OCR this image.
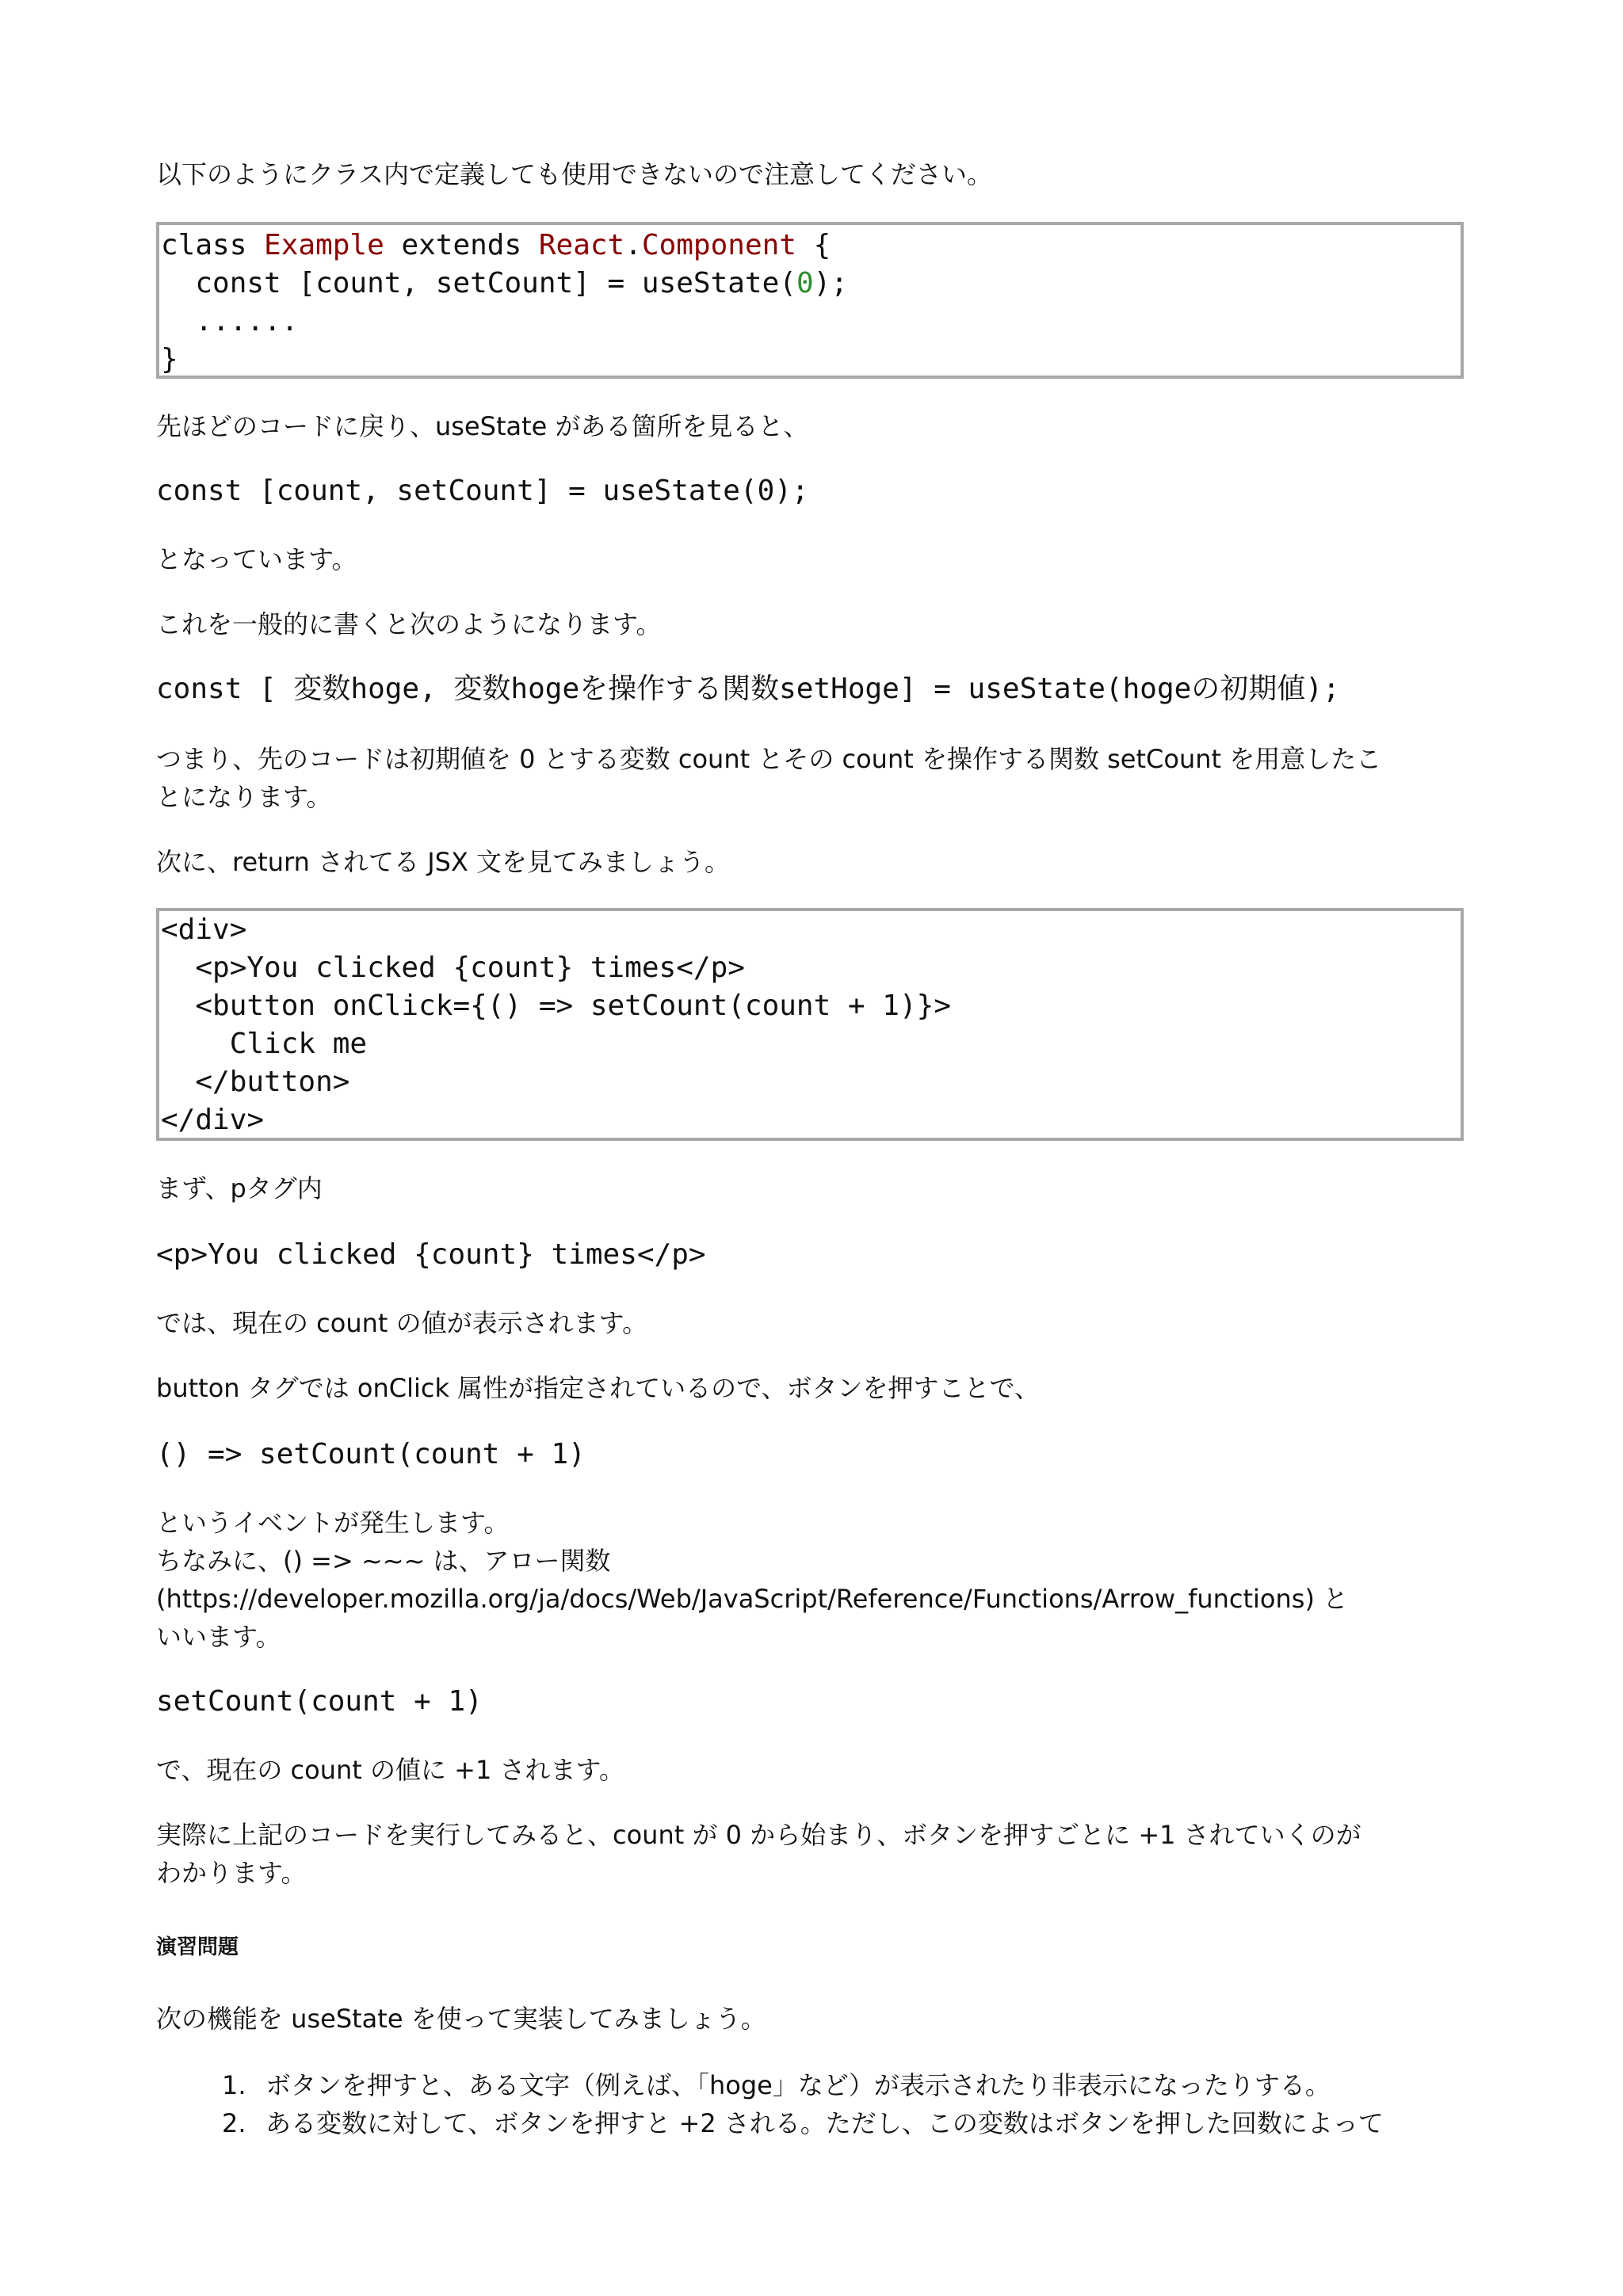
以下のようにクラス内で定義しても使用できないので注意してください。
class Example extends React.Component {
const [count, setCount] = useState(0);
......
}
先ほどのコードに戻り、useState がある箇所を見ると、
const [count, setCount] = useState(0);
となっています。
これを一般的に書くと次のようになります。
const [ 変数hoge, 変数hogeを操作する関数setHoge] = useState(hogeの初期値);
つまり、先のコードは初期値を 0 とする変数 count とその count を操作する関数 setCount を用意したこ
とになります。
次に、return されてる JSX 文を見てみましょう。
<div>
<p>You clicked {count} times</p>
<button onClick={() => setCount(count + 1)}>
Click me
</button>
</div>
まず、pタグ内
<p>You clicked {count} times</p>
では、現在の count の値が表示されます。
button タグでは onClick 属性が指定されているので、ボタンを押すことで、
() => setCount(count + 1)
というイベントが発生します。
ちなみに、() => ~~~ は、アロー関数
(https://developer.mozilla.org/ja/docs/Web/JavaScript/Reference/Functions/Arrow_functions) と
いいます。
setCount(count + 1)
で、現在の count の値に +1 されます。
実際に上記のコードを実行してみると、count が 0 から始まり、ボタンを押すごとに +1 されていくのが
わかります。
演習問題
次の機能を useState を使って実装してみましょう。
1. ボタンを押すと、ある文字（例えば、「hoge」など）が表示されたり非表示になったりする。
2. ある変数に対して、ボタンを押すと +2 される。ただし、この変数はボタンを押した回数によって
